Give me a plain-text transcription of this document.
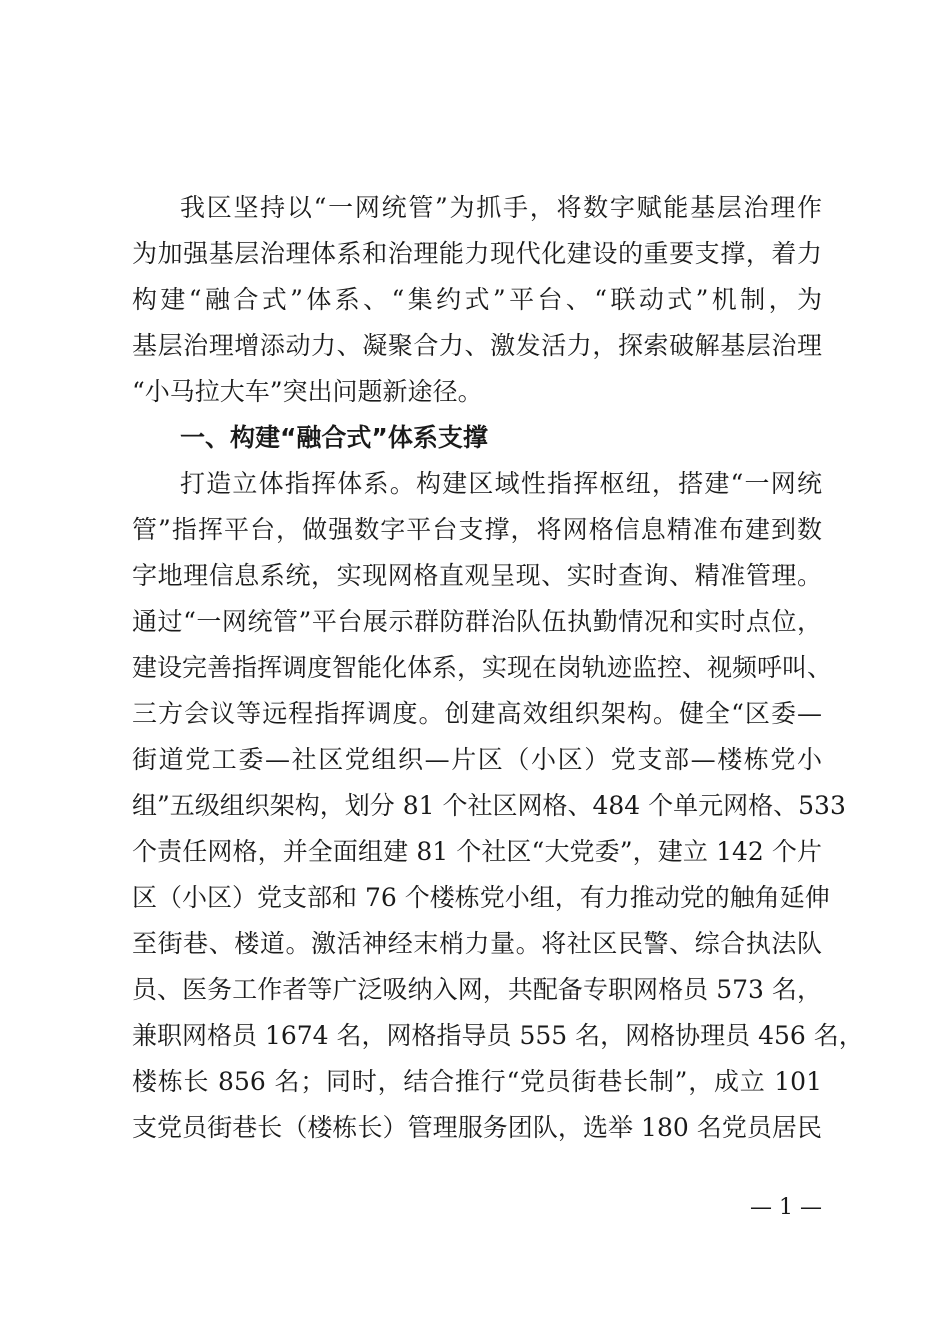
我区坚持以“一网统管”为抓手，将数字赋能基层治理作
为加强基层治理体系和治理能力现代化建设的重要支撑，着力
构建“融合式”体系、“集约式”平台、“联动式”机制，为
基层治理增添动力、凝聚合力、激发活力，探索破解基层治理
“小马拉大车”突出问题新途径。
一、构建“融合式”体系支撑
打造立体指挥体系。构建区域性指挥枢纽，搭建“一网统
管”指挥平台，做强数字平台支撑，将网格信息精准布建到数
字地理信息系统，实现网格直观呈现、实时查询、精准管理。
通过“一网统管”平台展示群防群治队伍执勤情况和实时点位，
建设完善指挥调度智能化体系，实现在岗轨迹监控、视频呼叫、
三方会议等远程指挥调度。创建高效组织架构。健全“区委—
街道党工委—社区党组织—片区（小区）党支部—楼栋党小
组”五级组织架构，划分 81 个社区网格、484 个单元网格、533
个责任网格，并全面组建 81 个社区“大党委”，建立 142 个片
区（小区）党支部和 76 个楼栋党小组，有力推动党的触角延伸
至街巷、楼道。激活神经末梢力量。将社区民警、综合执法队
员、医务工作者等广泛吸纳入网，共配备专职网格员 573 名，
兼职网格员 1674 名，网格指导员 555 名，网格协理员 456 名，
楼栋长 856 名；同时，结合推行“党员街巷长制”，成立 101
支党员街巷长（楼栋长）管理服务团队，选举 180 名党员居民
— 1 —
